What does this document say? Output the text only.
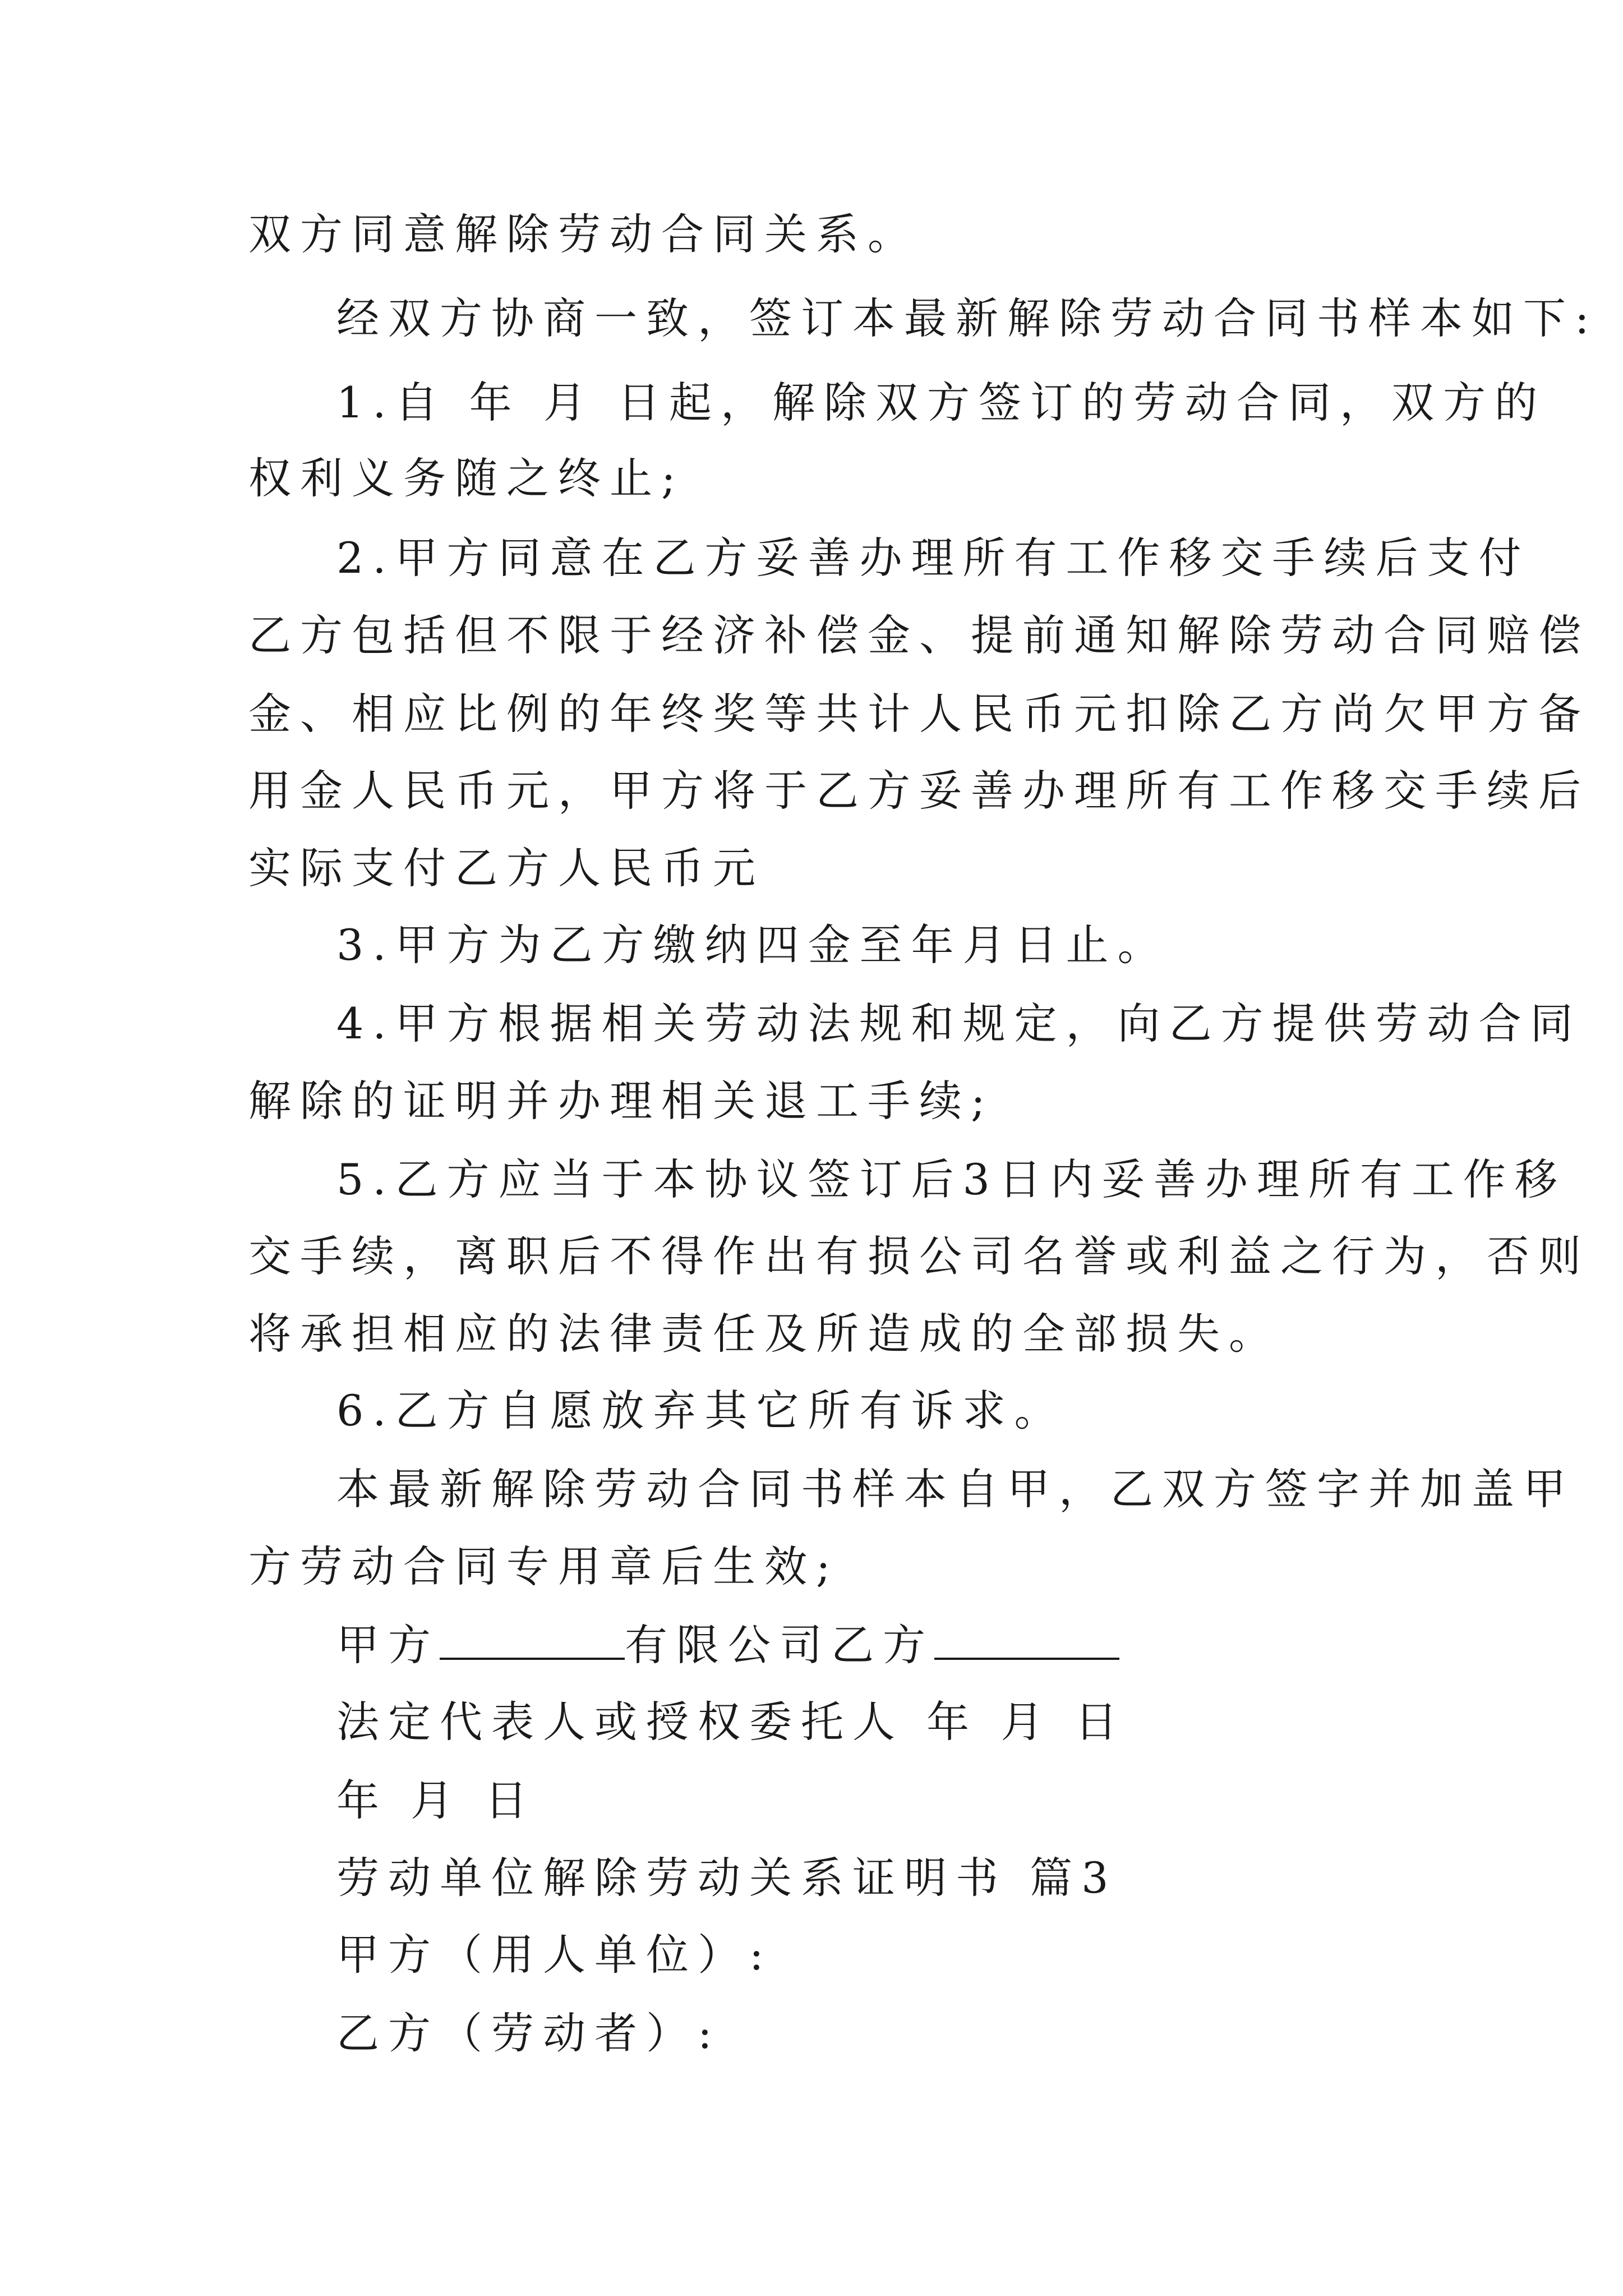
双方同意解除劳动合同关系。
经双方协商一致，签订本最新解除劳动合同书样本如下:
1.自 年 月 日起，解除双方签订的劳动合同，双方的
权利义务随之终止;
2.甲方同意在乙方妥善办理所有工作移交手续后支付
乙方包括但不限于经济补偿金、提前通知解除劳动合同赔偿
金、相应比例的年终奖等共计人民币元扣除乙方尚欠甲方备
用金人民币元，甲方将于乙方妥善办理所有工作移交手续后
实际支付乙方人民币元
3.甲方为乙方缴纳四金至年月日止。
4.甲方根据相关劳动法规和规定，向乙方提供劳动合同
解除的证明并办理相关退工手续;
5.乙方应当于本协议签订后3日内妥善办理所有工作移
交手续，离职后不得作出有损公司名誉或利益之行为，否则
将承担相应的法律责任及所造成的全部损失。
6.乙方自愿放弃其它所有诉求。
本最新解除劳动合同书样本自甲，乙双方签字并加盖甲
方劳动合同专用章后生效;
甲方	有限公司乙方
法定代表人或授权委托人 年 月 日
年 月 日
劳动单位解除劳动关系证明书 篇3
甲方（用人单位）:
乙方（劳动者）:
